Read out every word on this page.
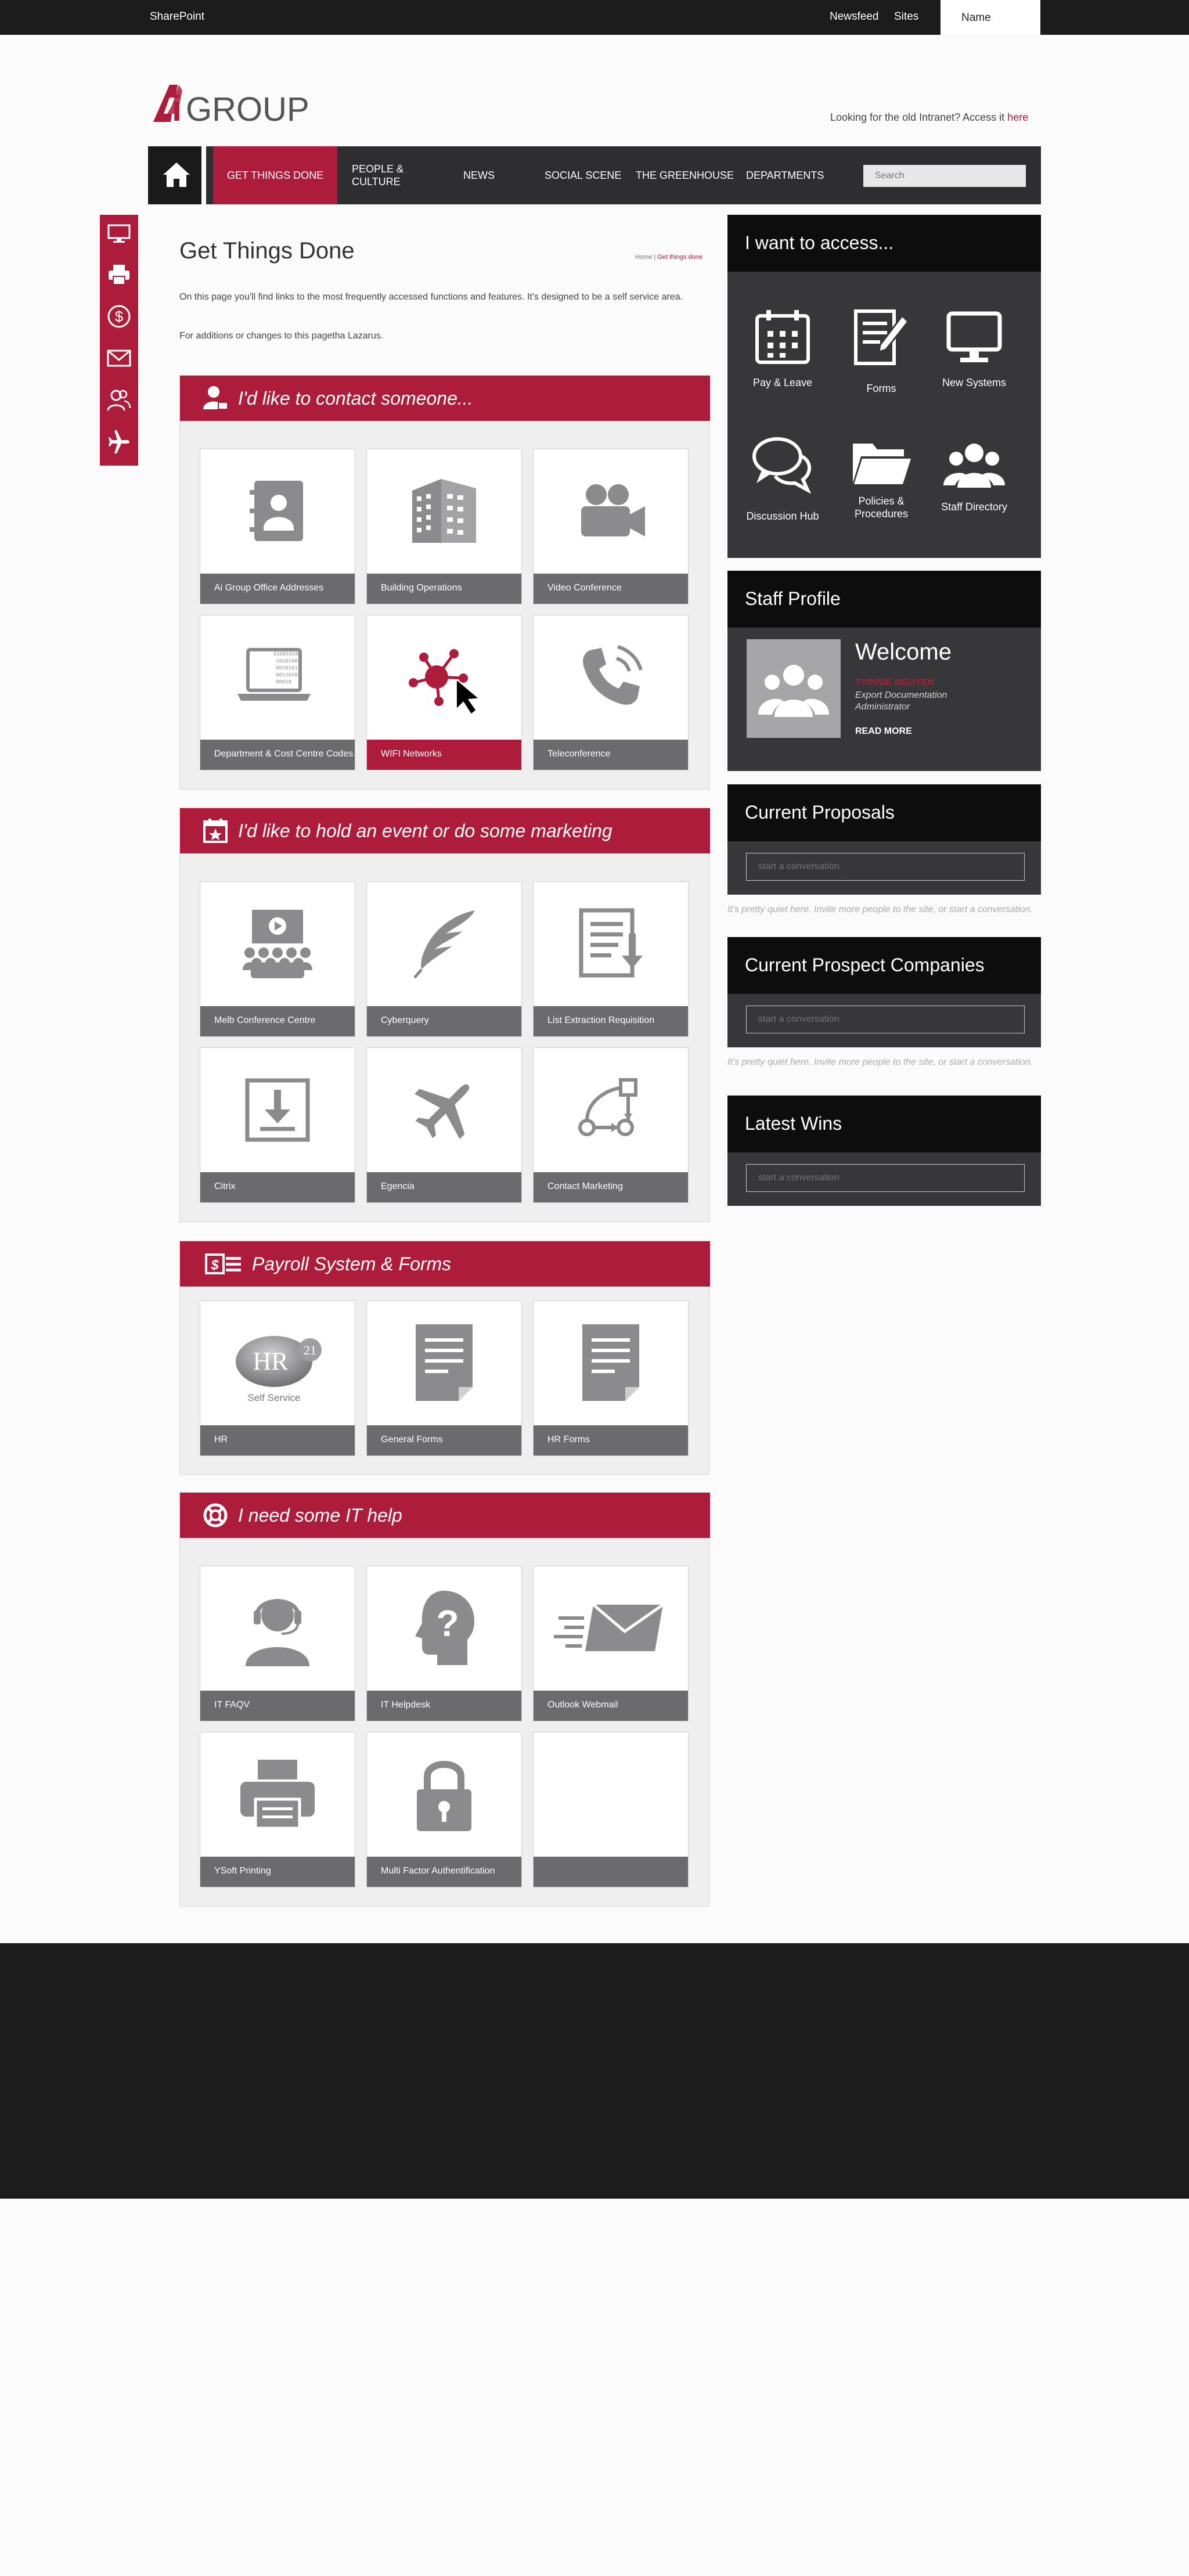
SharePoint	Newsfeed Sites	Name
i GROUP	Looking for the old Intranet? Access it here
GET THINGS DONE
PEOPLE & CULTURE
NEWS	SOCIAL SCENE THE GREENHOUSE DEPARTMENTS
Search
$
Get Things Done	Home | Get things done
On this page you'll find links to the most frequently accessed functions and features. It's designed to be a self service area.
For additions or changes to this pagetha Lazarus.
I'd like to contact someone...
Ai Group Office Addresses	Building Operations	Video Conference
01001010
10101001
0010101
00110101
00010
Department & Cost Centre Codes	WIFI Networks	Teleconference
I'd like to hold an event or do some marketing
Melb Conference Centre	Cyberquery	List Extraction Requisition
Citrix	Egencia	Contact Marketing
$ Payroll System & Forms
HR 21
Self Service
HR	General Forms	HR Forms
I need some IT help
IT FAQV
?
IT Helpdesk	Outlook Webmail
YSoft Printing	Multi Factor Authentification
I want to access...
Pay & Leave	Forms	New Systems
Discussion Hub
Policies & Procedures
Staff Directory
Staff Profile
Welcome
TVINNIE NGUYEN
Export Documentation
Administrator
READ MORE
Current Proposals
start a conversation
It's pretty quiet here. Invite more people to the site, or start a conversation.
Current Prospect Companies
start a conversation
It's pretty quiet here. Invite more people to the site, or start a conversation.
Latest Wins
start a conversation
